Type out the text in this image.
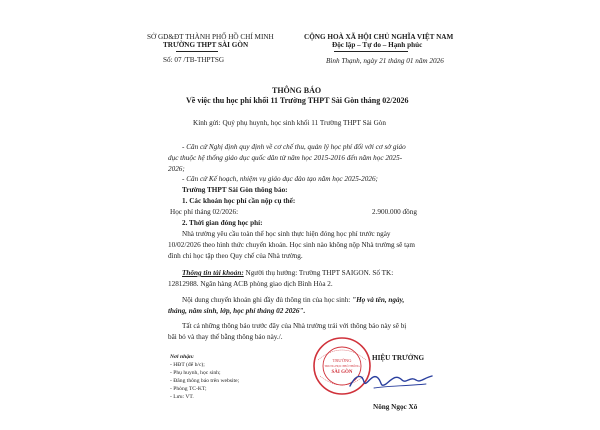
SỞ GD&ĐT THÀNH PHỐ HỒ CHÍ MINH
TRƯỜNG THPT SÀI GÒN
Số: 07 /TB-THPTSG
CỘNG HOÀ XÃ HỘI CHỦ NGHĨA VIỆT NAM
Độc lập – Tự do – Hạnh phúc
Bình Thạnh, ngày 21 tháng 01 năm 2026
THÔNG BÁO
Về việc thu học phí khối 11 Trường THPT Sài Gòn tháng 02/2026
Kính gửi: Quý phụ huynh, học sinh khối 11 Trường THPT Sài Gòn
- Căn cứ Nghị định quy định về cơ chế thu, quản lý học phí đối với cơ sở giáo
dục thuộc hệ thống giáo dục quốc dân từ năm học 2015-2016 đến năm học 2025-
2026;
- Căn cứ Kế hoạch, nhiệm vụ giáo dục đào tạo năm học 2025-2026;
Trường THPT Sài Gòn thông báo:
1. Các khoản học phí cần nộp cụ thể:
Học phí tháng 02/2026:	2.900.000 đồng
2. Thời gian đóng học phí:
Nhà trường yêu cầu toàn thể học sinh thực hiện đóng học phí trước ngày
10/02/2026 theo hình thức chuyển khoản. Học sinh nào không nộp Nhà trường sẽ tạm
đình chỉ học tập theo Quy chế của Nhà trường.
Thông tin tài khoản: Người thụ hưởng: Trường THPT SAIGON. Số TK:
12812988. Ngân hàng ACB phòng giao dịch Bình Hòa 2.
Nội dung chuyển khoản ghi đầy đủ thông tin của học sinh: "Họ và tên, ngày,
tháng, năm sinh, lớp, học phí tháng 02 2026".
Tất cả những thông báo trước đây của Nhà trường trái với thông báo này sẽ bị
bãi bỏ và thay thế bằng thông báo này./.
Nơi nhận:
- HĐT (để b/c);
- Phụ huynh, học sinh;
- Đăng thông báo trên website;
- Phòng TC-KT;
- Lưu: VT.
HIỆU TRƯỞNG
TRƯỜNG
TRUNG HỌC PHỔ THÔNG
SÀI GÒN
Nông Ngọc Xô
